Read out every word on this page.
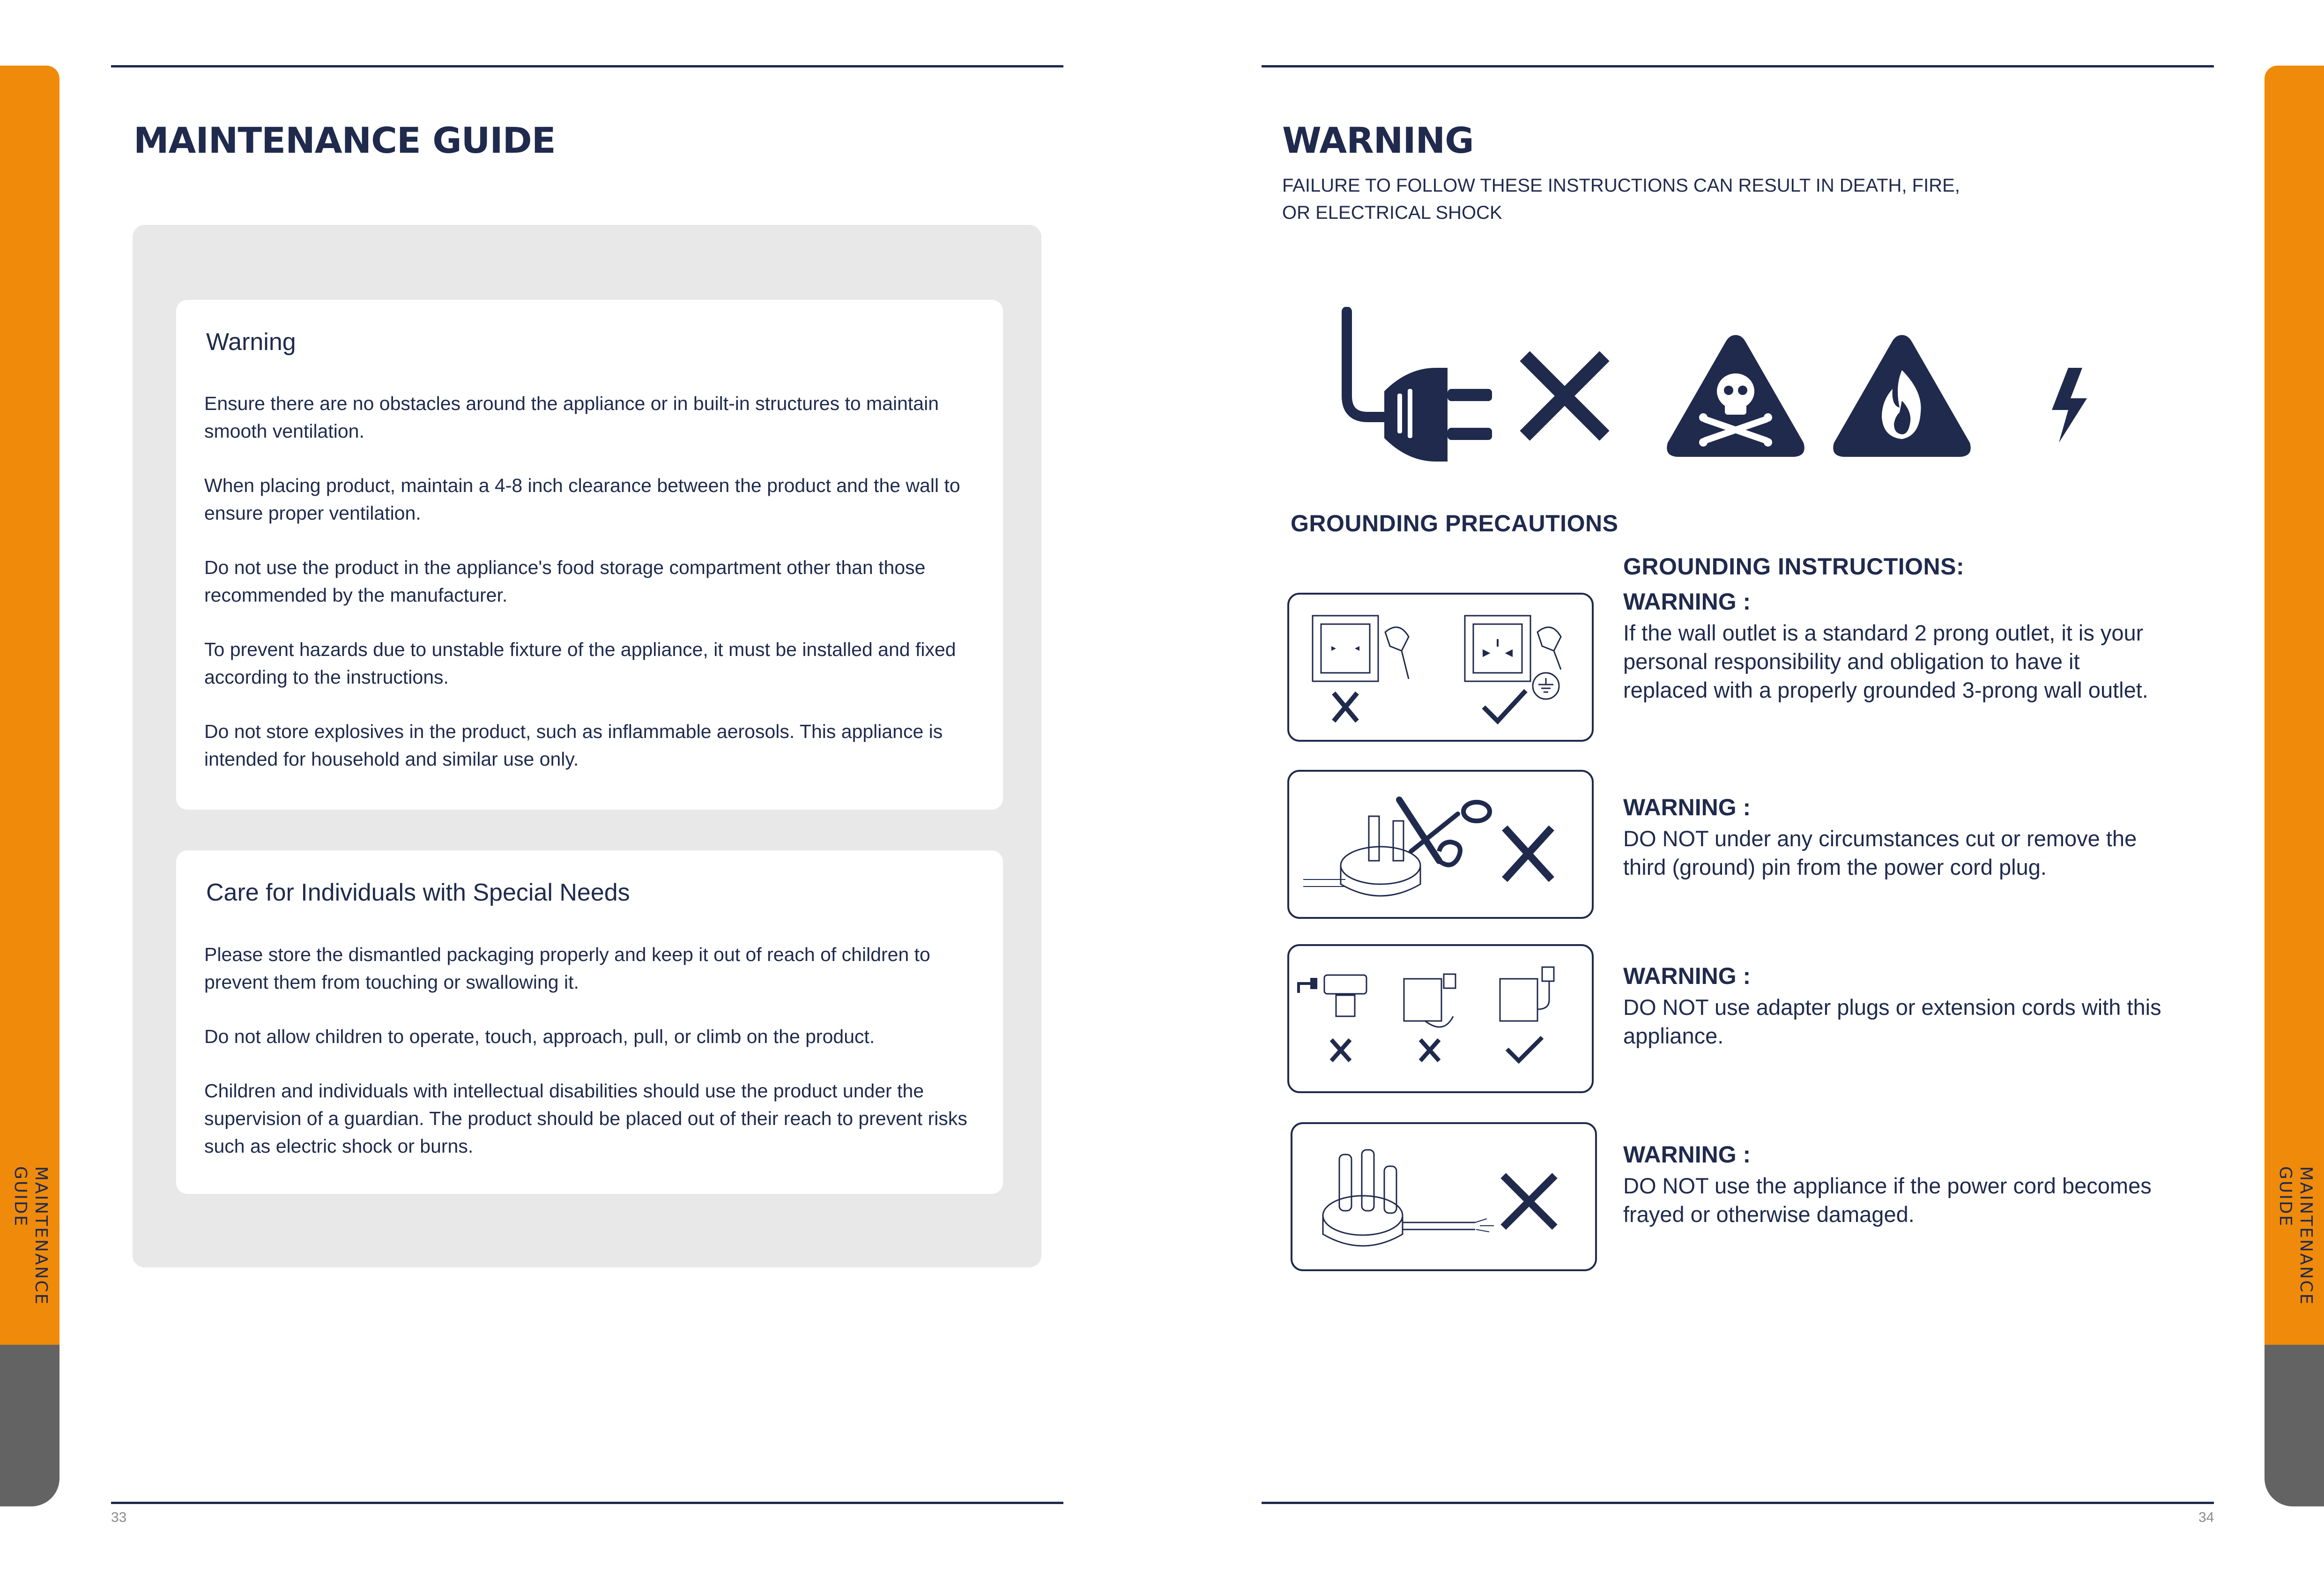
MAINTENANCE
GUIDE
33
MAINTENANCE GUIDE
Warning
Ensure there are no obstacles around the appliance or in built-in structures to maintain smooth ventilation.
When placing product, maintain a 4-8 inch clearance between the product and the wall to ensure proper ventilation.
Do not use the product in the appliance's food storage compartment other than those recommended by the manufacturer.
To prevent hazards due to unstable fixture of the appliance, it must be installed and fixed according to the instructions.
Do not store explosives in the product, such as inflammable aerosols. This appliance is intended for household and similar use only.
Care for Individuals with Special Needs
Please store the dismantled packaging properly and keep it out of reach of children to prevent them from touching or swallowing it.
Do not allow children to operate, touch, approach, pull, or climb on the product.
Children and individuals with intellectual disabilities should use the product under the supervision of a guardian. The product should be placed out of their reach to prevent risks such as electric shock or burns.
34
MAINTENANCE
GUIDE
WARNING
FAILURE TO FOLLOW THESE INSTRUCTIONS CAN RESULT IN DEATH, FIRE, OR ELECTRICAL SHOCK
GROUNDING PRECAUTIONS
GROUNDING INSTRUCTIONS:
WARNING :
If the wall outlet is a standard 2 prong outlet, it is your personal responsibility and obligation to have it replaced with a properly grounded 3-prong wall outlet.
WARNING :
DO NOT under any circumstances cut or remove the third (ground) pin from the power cord plug.
WARNING :
DO NOT use adapter plugs or extension cords with this appliance.
WARNING :
DO NOT use the appliance if the power cord becomes frayed or otherwise damaged.
